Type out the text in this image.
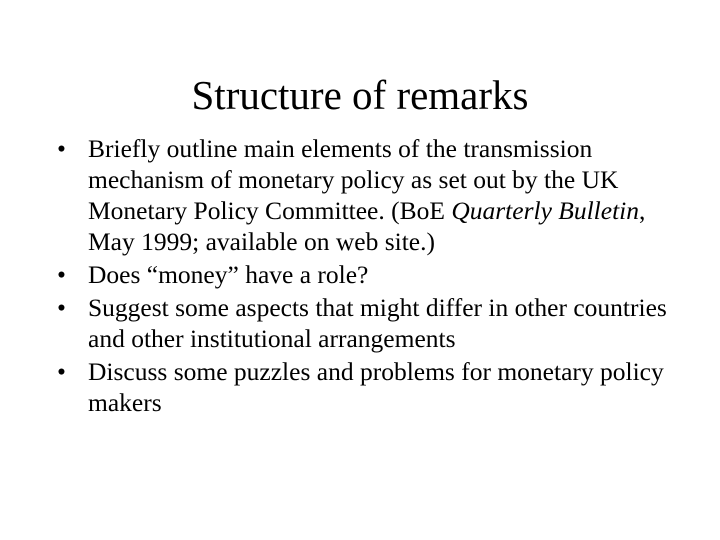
Structure of remarks
• Briefly outline main elements of the transmission mechanism of monetary policy as set out by the UK Monetary Policy Committee. (BoE Quarterly Bulletin, May 1999; available on web site.)
• Does “money” have a role?
• Suggest some aspects that might differ in other countries and other institutional arrangements
• Discuss some puzzles and problems for monetary policy makers
